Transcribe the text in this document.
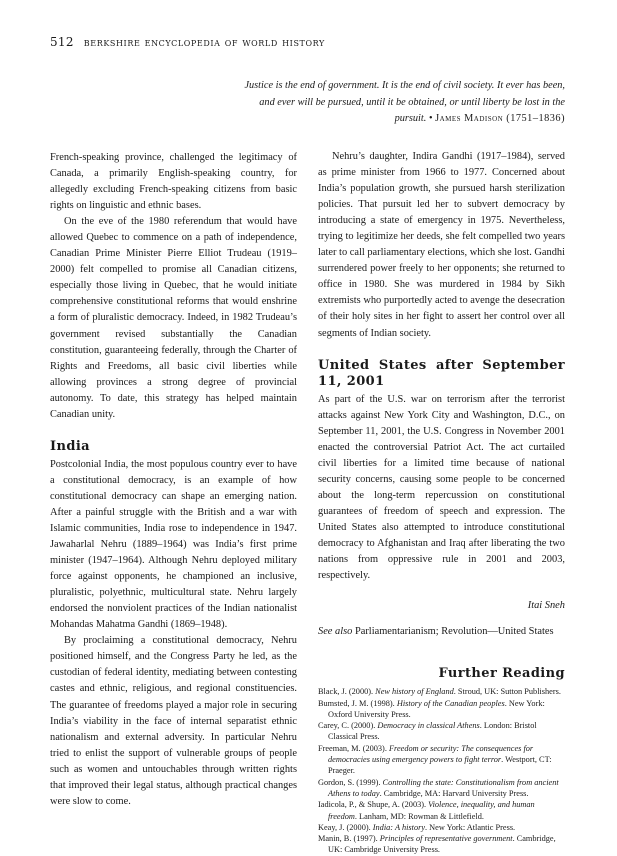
512 berkshire encyclopedia of world history
Justice is the end of government. It is the end of civil society. It ever has been, and ever will be pursued, until it be obtained, or until liberty be lost in the pursuit. • James Madison (1751–1836)

French-speaking province, challenged the legitimacy of Canada, a primarily English-speaking country, for allegedly excluding French-speaking citizens from basic rights on linguistic and ethnic bases.

On the eve of the 1980 referendum that would have allowed Quebec to commence on a path of independence, Canadian Prime Minister Pierre Elliot Trudeau (1919–2000) felt compelled to promise all Canadian citizens, especially those living in Quebec, that he would initiate comprehensive constitutional reforms that would enshrine a form of pluralistic democracy. Indeed, in 1982 Trudeau’s government revised substantially the Canadian constitution, guaranteeing federally, through the Charter of Rights and Freedoms, all basic civil liberties while allowing provinces a strong degree of provincial autonomy. To date, this strategy has helped maintain Canadian unity.

India

Postcolonial India, the most populous country ever to have a constitutional democracy, is an example of how constitutional democracy can shape an emerging nation. After a painful struggle with the British and a war with Islamic communities, India rose to independence in 1947. Jawaharlal Nehru (1889–1964) was India’s first prime minister (1947–1964). Although Nehru deployed military force against opponents, he championed an inclusive, pluralistic, polyethnic, multicultural state. Nehru largely endorsed the nonviolent practices of the Indian nationalist Mohandas Mahatma Gandhi (1869–1948).

By proclaiming a constitutional democracy, Nehru positioned himself, and the Congress Party he led, as the custodian of federal identity, mediating between contesting castes and ethnic, religious, and regional constituencies. The guarantee of freedoms played a major role in securing India’s viability in the face of internal separatist ethnic nationalism and external adversity. In particular Nehru tried to enlist the support of vulnerable groups of people such as women and untouchables through written rights that improved their legal status, although practical changes were slow to come.

Nehru’s daughter, Indira Gandhi (1917–1984), served as prime minister from 1966 to 1977. Concerned about India’s population growth, she pursued harsh sterilization policies. That pursuit led her to subvert democracy by introducing a state of emergency in 1975. Nevertheless, trying to legitimize her deeds, she felt compelled two years later to call parliamentary elections, which she lost. Gandhi surrendered power freely to her opponents; she returned to office in 1980. She was murdered in 1984 by Sikh extremists who purportedly acted to avenge the desecration of their holy sites in her fight to assert her control over all segments of Indian society.

United States after September 11, 2001

As part of the U.S. war on terrorism after the terrorist attacks against New York City and Washington, D.C., on September 11, 2001, the U.S. Congress in November 2001 enacted the controversial Patriot Act. The act curtailed civil liberties for a limited time because of national security concerns, causing some people to be concerned about the long-term repercussion on constitutional guarantees of freedom of speech and expression. The United States also attempted to introduce constitutional democracy to Afghanistan and Iraq after liberating the two nations from oppressive rule in 2001 and 2003, respectively.

Itai Sneh

See also Parliamentarianism; Revolution—United States

Further Reading

Black, J. (2000). New history of England. Stroud, UK: Sutton Publishers.

Bumsted, J. M. (1998). History of the Canadian peoples. New York: Oxford University Press.

Carey, C. (2000). Democracy in classical Athens. London: Bristol Classical Press.

Freeman, M. (2003). Freedom or security: The consequences for democracies using emergency powers to fight terror. Westport, CT: Praeger.

Gordon, S. (1999). Controlling the state: Constitutionalism from ancient Athens to today. Cambridge, MA: Harvard University Press.

Iadicola, P., & Shupe, A. (2003). Violence, inequality, and human freedom. Lanham, MD: Rowman & Littlefield.

Keay, J. (2000). India: A history. New York: Atlantic Press.

Manin, B. (1997). Principles of representative government. Cambridge, UK: Cambridge University Press.
